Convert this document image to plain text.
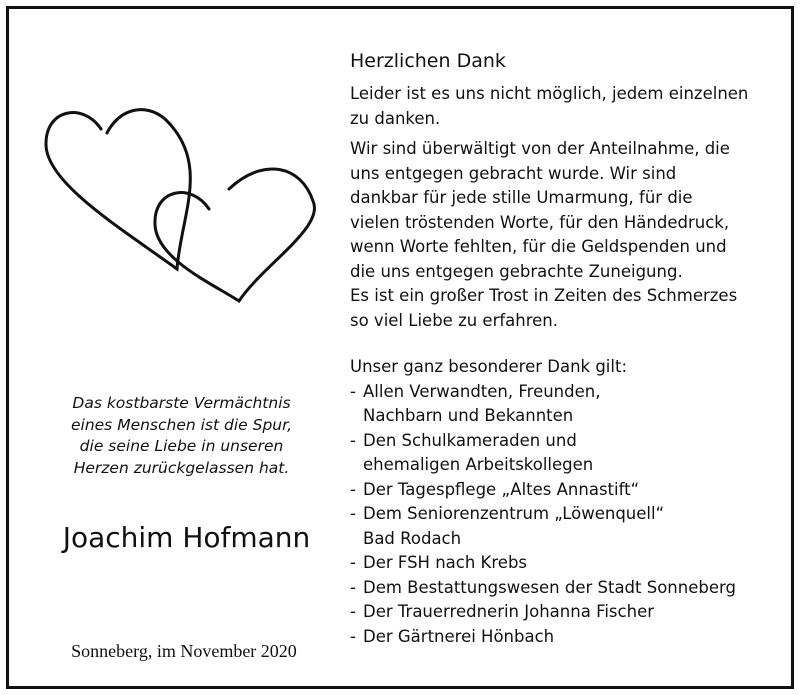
Das kostbarste Vermächtnis
eines Menschen ist die Spur,
die seine Liebe in unseren
Herzen zurückgelassen hat.
Joachim Hofmann
Sonneberg, im November 2020
Herzlichen Dank
Leider ist es uns nicht möglich, jedem einzelnen
zu danken.
Wir sind überwältigt von der Anteilnahme, die
uns entgegen gebracht wurde. Wir sind
dankbar für jede stille Umarmung, für die
vielen tröstenden Worte, für den Händedruck,
wenn Worte fehlten, für die Geldspenden und
die uns entgegen gebrachte Zuneigung.
Es ist ein großer Trost in Zeiten des Schmerzes
so viel Liebe zu erfahren.
Unser ganz besonderer Dank gilt:
- Allen Verwandten, Freunden,
Nachbarn und Bekannten
- Den Schulkameraden und
ehemaligen Arbeitskollegen
- Der Tagespflege „Altes Annastift“
- Dem Seniorenzentrum „Löwenquell“
Bad Rodach
- Der FSH nach Krebs
- Dem Bestattungswesen der Stadt Sonneberg
- Der Trauerrednerin Johanna Fischer
- Der Gärtnerei Hönbach
